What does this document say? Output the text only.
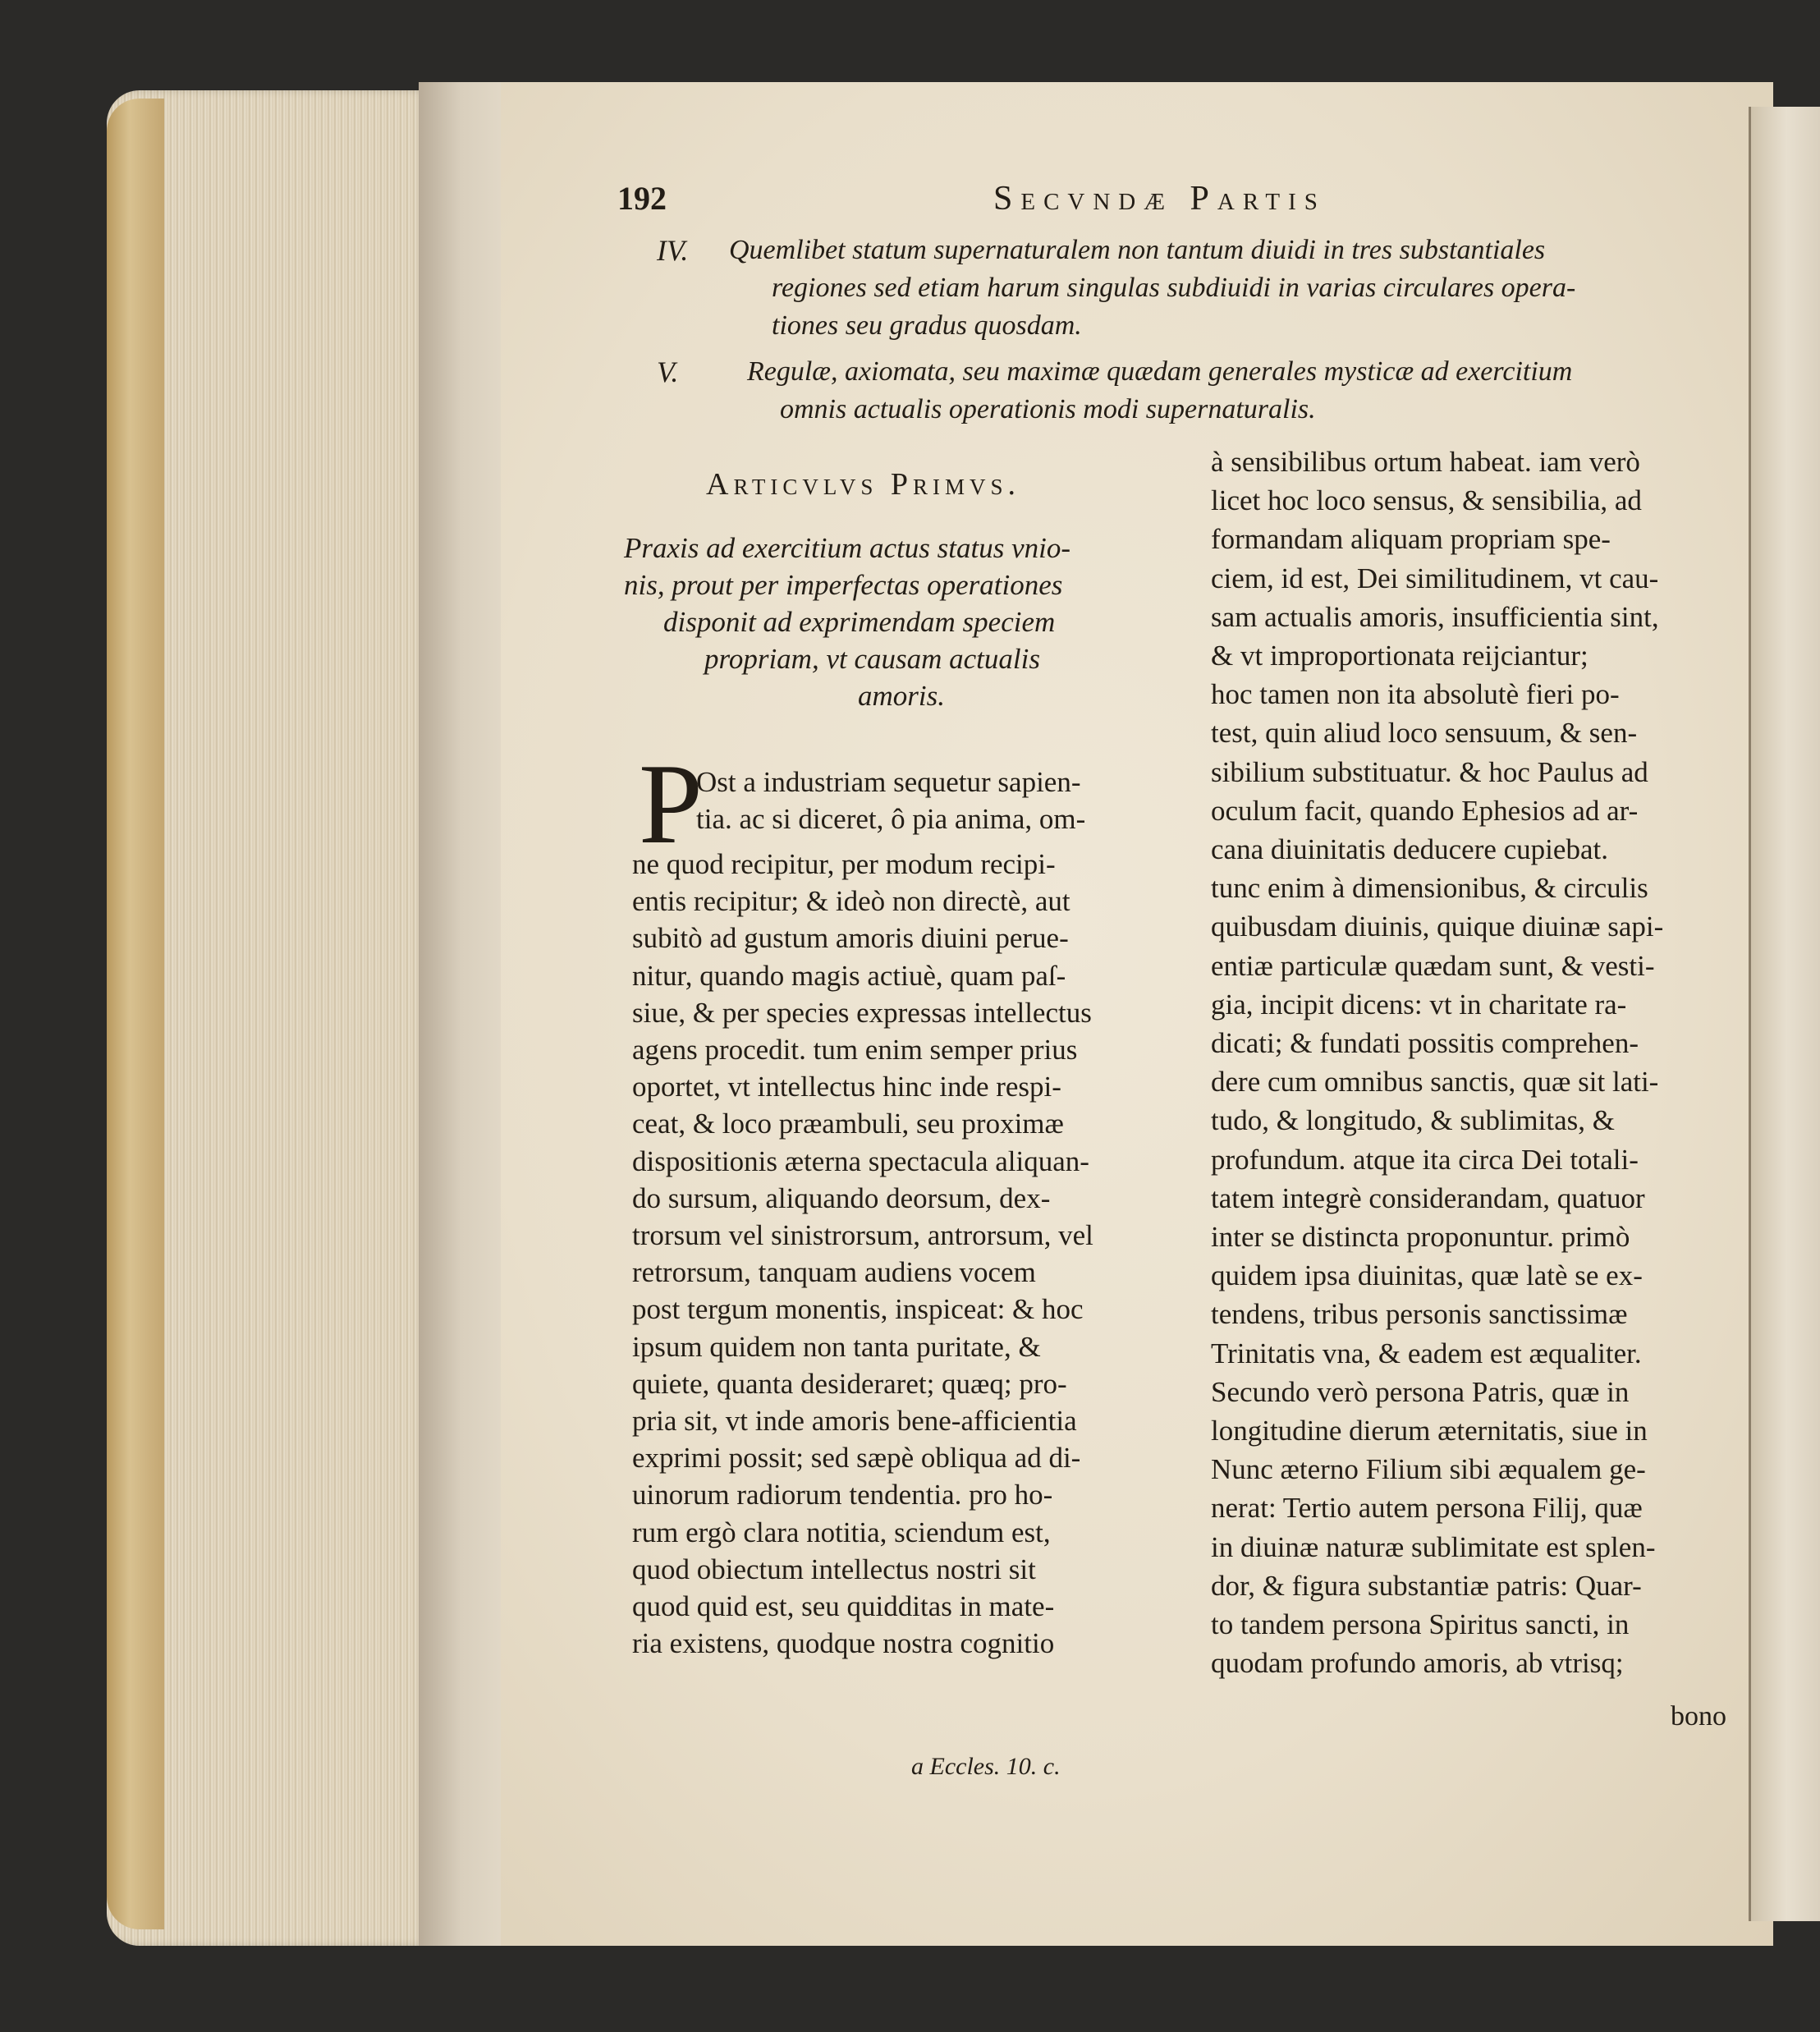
192	Secvndæ Partis
IV. Quemlibet statum supernaturalem non tantum diuidi in tres substantiales
regiones sed etiam harum singulas subdiuidi in varias circulares opera-
tiones seu gradus quosdam.
V. Regulæ, axiomata, seu maximæ quædam generales mysticæ ad exercitium
omnis actualis operationis modi supernaturalis.
Articvlvs Primvs.
Praxis ad exercitium actus status vnio-
nis, prout per imperfectas operationes
disponit ad exprimendam speciem
propriam, vt causam actualis
amoris.
P
Ost a industriam sequetur sapien-
tia. ac si diceret, ô pia anima, om-
ne quod recipitur, per modum recipi-
entis recipitur; & ideò non directè, aut
subitò ad gustum amoris diuini perue-
nitur, quando magis actiuè, quam paſ-
siue, & per species expressas intellectus
agens procedit. tum enim semper prius
oportet, vt intellectus hinc inde respi-
ceat, & loco præambuli, seu proximæ
dispositionis æterna spectacula aliquan-
do sursum, aliquando deorsum, dex-
trorsum vel sinistrorsum, antrorsum, vel
retrorsum, tanquam audiens vocem
post tergum monentis, inspiceat: & hoc
ipsum quidem non tanta puritate, &
quiete, quanta desideraret; quæq; pro-
pria sit, vt inde amoris bene-afficientia
exprimi possit; sed sæpè obliqua ad di-
uinorum radiorum tendentia. pro ho-
rum ergò clara notitia, sciendum est,
quod obiectum intellectus nostri sit
quod quid est, seu quidditas in mate-
ria existens, quodque nostra cognitio
à sensibilibus ortum habeat. iam verò
licet hoc loco sensus, & sensibilia, ad
formandam aliquam propriam spe-
ciem, id est, Dei similitudinem, vt cau-
sam actualis amoris, insufficientia sint,
& vt improportionata reijciantur;
hoc tamen non ita absolutè fieri po-
test, quin aliud loco sensuum, & sen-
sibilium substituatur. & hoc Paulus ad
oculum facit, quando Ephesios ad ar-
cana diuinitatis deducere cupiebat.
tunc enim à dimensionibus, & circulis
quibusdam diuinis, quique diuinæ sapi-
entiæ particulæ quædam sunt, & vesti-
gia, incipit dicens: vt in charitate ra-
dicati; & fundati possitis comprehen-
dere cum omnibus sanctis, quæ sit lati-
tudo, & longitudo, & sublimitas, &
profundum. atque ita circa Dei totali-
tatem integrè considerandam, quatuor
inter se distincta proponuntur. primò
quidem ipsa diuinitas, quæ latè se ex-
tendens, tribus personis sanctissimæ
Trinitatis vna, & eadem est æqualiter.
Secundo verò persona Patris, quæ in
longitudine dierum æternitatis, siue in
Nunc æterno Filium sibi æqualem ge-
nerat: Tertio autem persona Filij, quæ
in diuinæ naturæ sublimitate est splen-
dor, & figura substantiæ patris: Quar-
to tandem persona Spiritus sancti, in
quodam profundo amoris, ab vtrisq;
bono
a Eccles. 10. c.
